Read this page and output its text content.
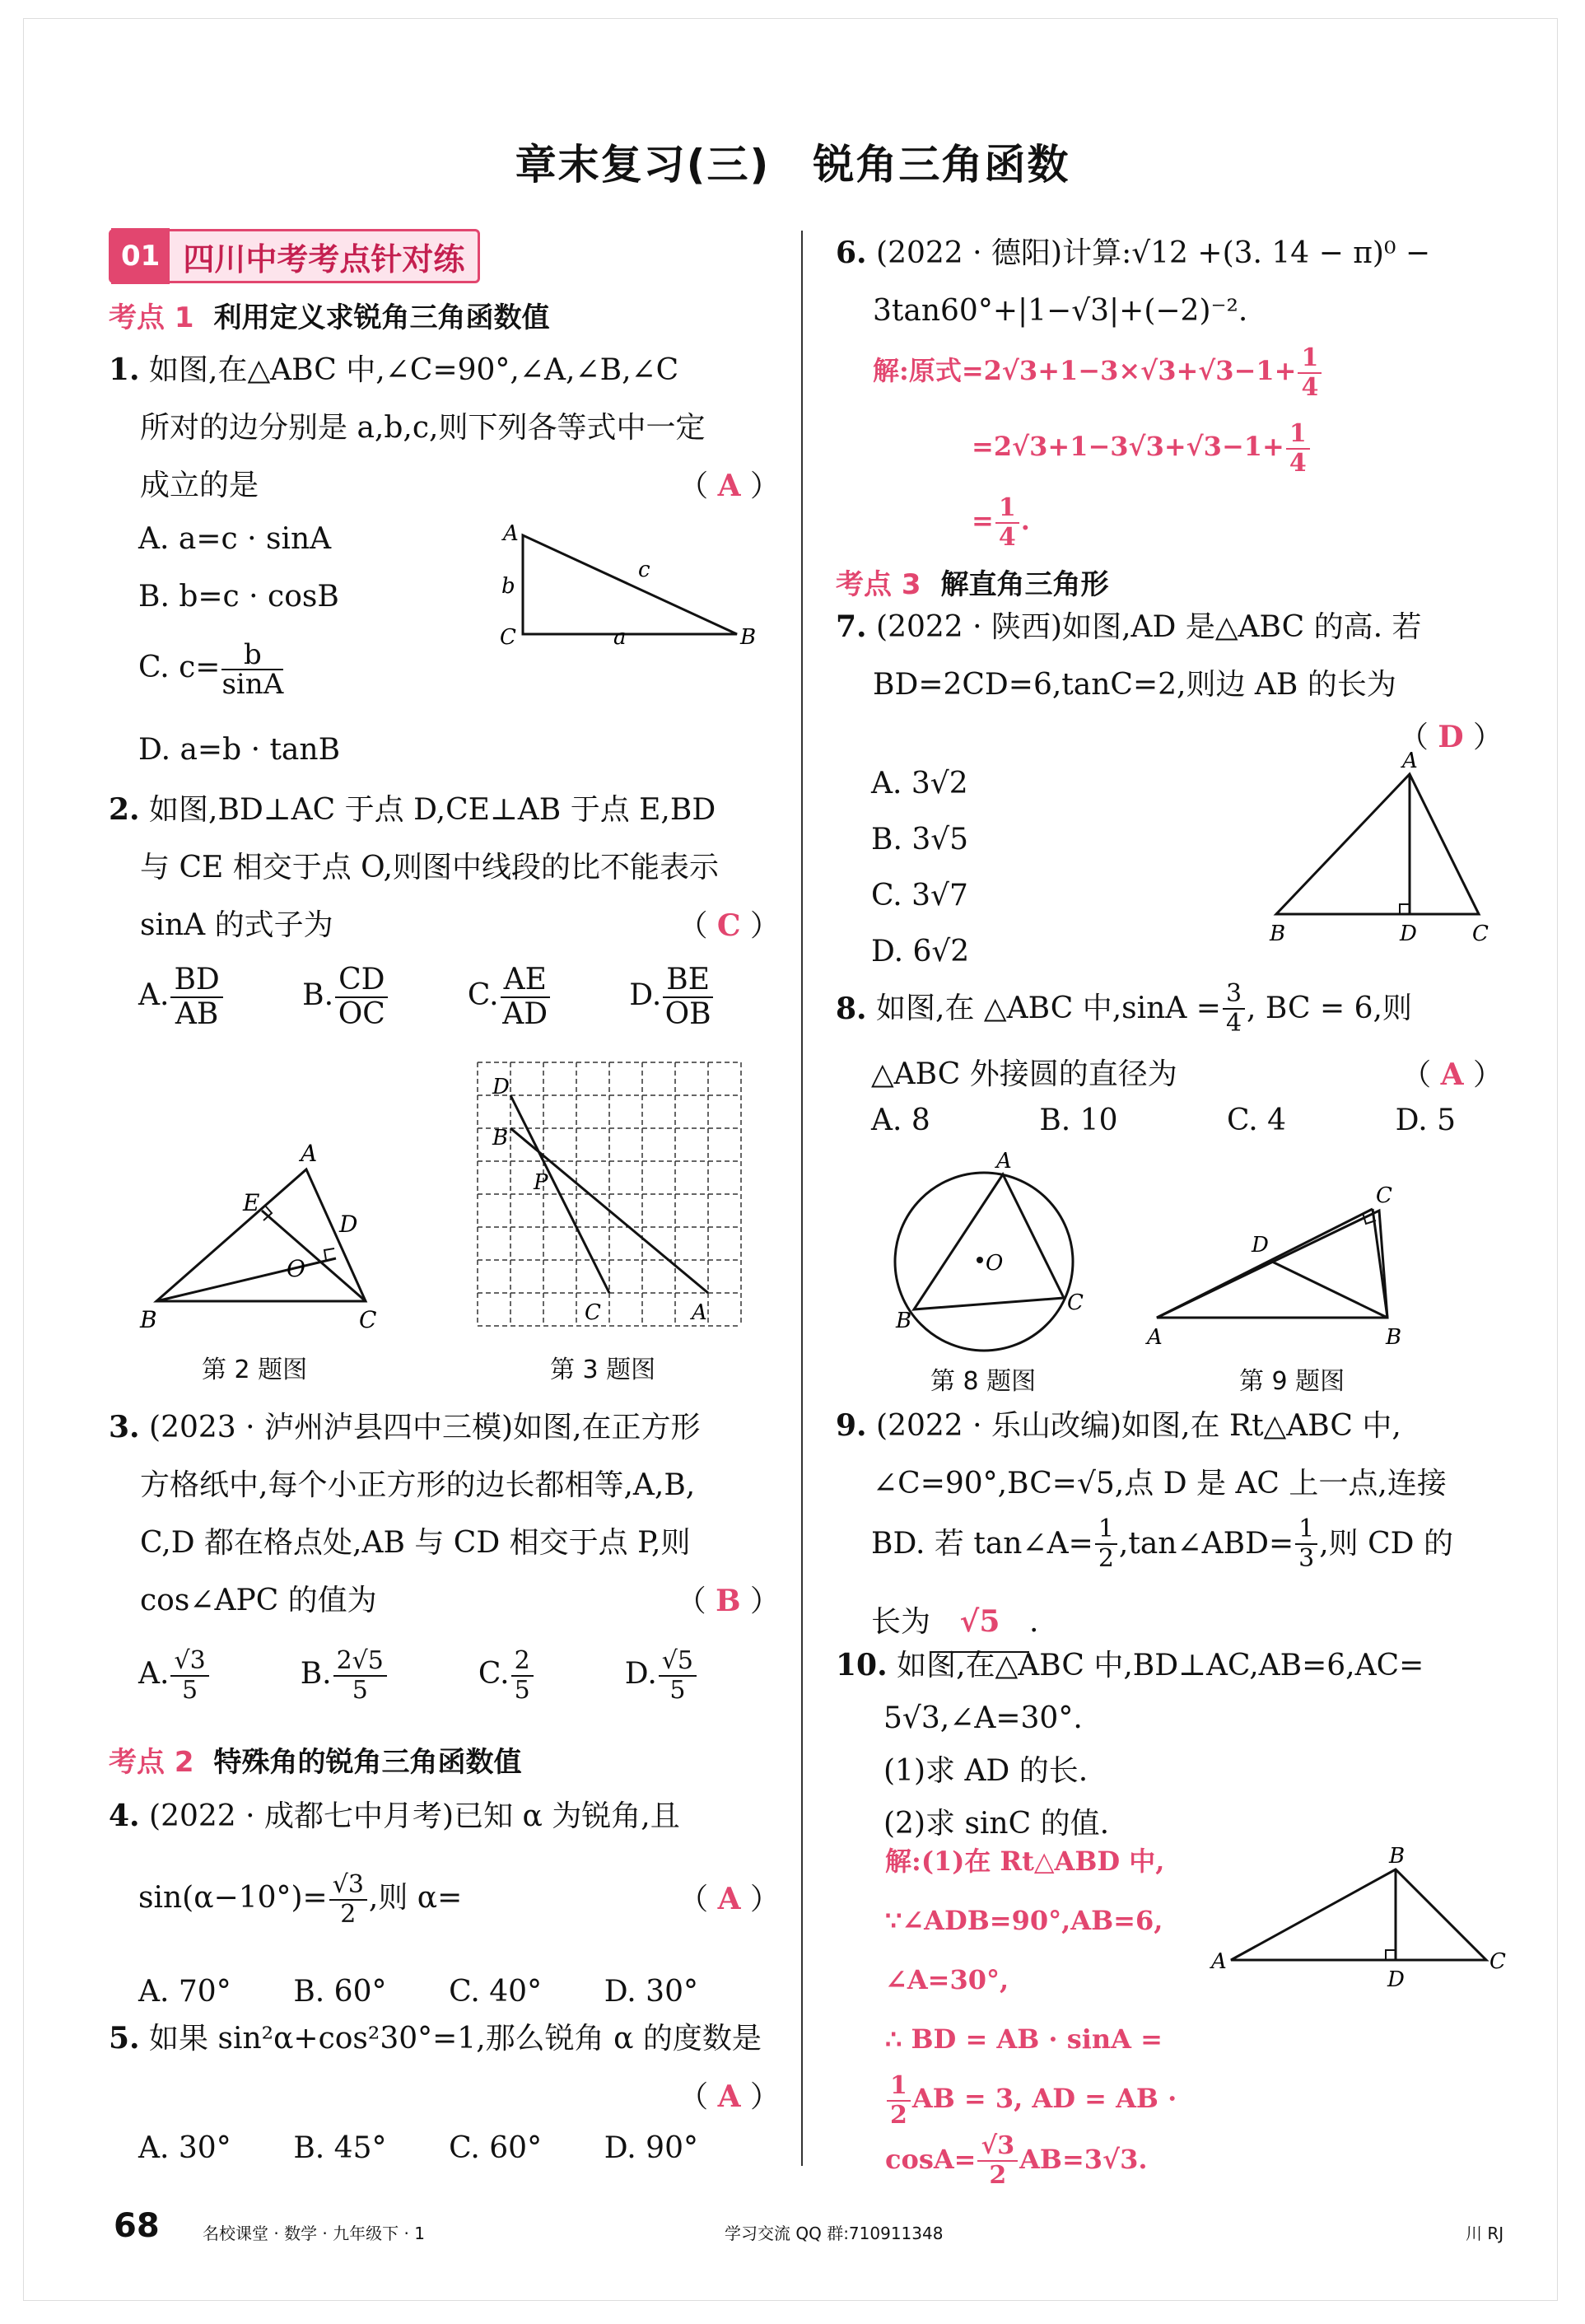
章末复习(三)　锐角三角函数
01 四川中考考点针对练
考点 1 利用定义求锐角三角函数值
1. 如图,在△ABC 中,∠C=90°,∠A,∠B,∠C
所对的边分别是 a,b,c,则下列各等式中一定
成立的是	（ A ）
A. a=c · sinA
B. b=c · cosB
C. $c= \frac{b}{\sin A}$
D. a=b · tanB
A
b
C	a
c
B
2. 如图,BD⊥AC 于点 D,CE⊥AB 于点 E,BD
与 CE 相交于点 O,则图中线段的比不能表示
sinA 的式子为	（ C ）
A. $\frac{BD}{AB}$	B. $\frac{CD}{OC}$	C. $\frac{AE}{AD}$	D. $\frac{BE}{OB}$
A
E
D
O
B	C
第 2 题图
D
B
P
C	A
第 3 题图
3. (2023 · 泸州泸县四中三模)如图,在正方形
方格纸中,每个小正方形的边长都相等,A,B,
C,D 都在格点处,AB 与 CD 相交于点 P,则
cos∠APC 的值为	（ B ）
A. $\frac{√3}{5}$	B. $\frac{2√5}{5}$	C. $\frac{2}{5}$	D. $\frac{√5}{5}$
考点 2 特殊角的锐角三角函数值
4. (2022 · 成都七中月考)已知 α 为锐角,且
$\sin(\alpha-10^\circ)= \frac{√3}{2}$ ,则 α=	（ A ）
A. 70° B. 60° C. 40° D. 30°
5. 如果 sin²α+cos²30°=1,那么锐角 α 的度数是
（ A ）
A. 30° B. 45° C. 60° D. 90°
6. (2022 · 德阳)计算:√12 +(3. 14 − π)⁰ −
3tan60°+|1−√3|+(−2)⁻².
解:原式$=2√3+1-3\times√3+√3-1+ \frac{1}{4}$
$=2√3+1-3√3+√3-1+ \frac{1}{4}$
= $\frac{1}{4}$ .
考点 3 解直角三角形
7. (2022 · 陕西)如图,AD 是△ABC 的高. 若
BD=2CD=6,tanC=2,则边 AB 的长为
（ D ）
A. 3√2
B. 3√5
C. 3√7
D. 6√2
A
B	D	C
8.
如图,在 △ABC 中$,\sin A = \frac{3}{4}$ , BC = 6,则
△ABC 外接圆的直径为	（ A ）
A. 8	B. 10	C. 4	D. 5
A
O
B
C
第 8 题图
C
D
A	B
第 9 题图
9. (2022 · 乐山改编)如图,在 Rt△ABC 中,
∠C=90°,BC=√5,点 D 是 AC 上一点,连接
BD. 若 tan∠A= $\frac{1}{2}$ ,tan∠ABD= $\frac{1}{3}$ ,则 CD 的
长为 √5 .
10. 如图,在△ABC 中,BD⊥AC,AB=6,AC=
5√3,∠A=30°.
(1)求 AD 的长.
(2)求 sinC 的值.
解:(1)在 Rt△ABD 中,
∵∠ADB=90°,AB=6,
∠A=30°,
∴ BD = AB · sinA =
$\frac{1}{2}$ AB = 3, AD = AB ·
$\cos A= \frac{√3}{2} AB=3√3$.
B
A
D
C
68	名校课堂 · 数学 · 九年级下 · 1	学习交流 QQ 群:710911348	川 RJ
